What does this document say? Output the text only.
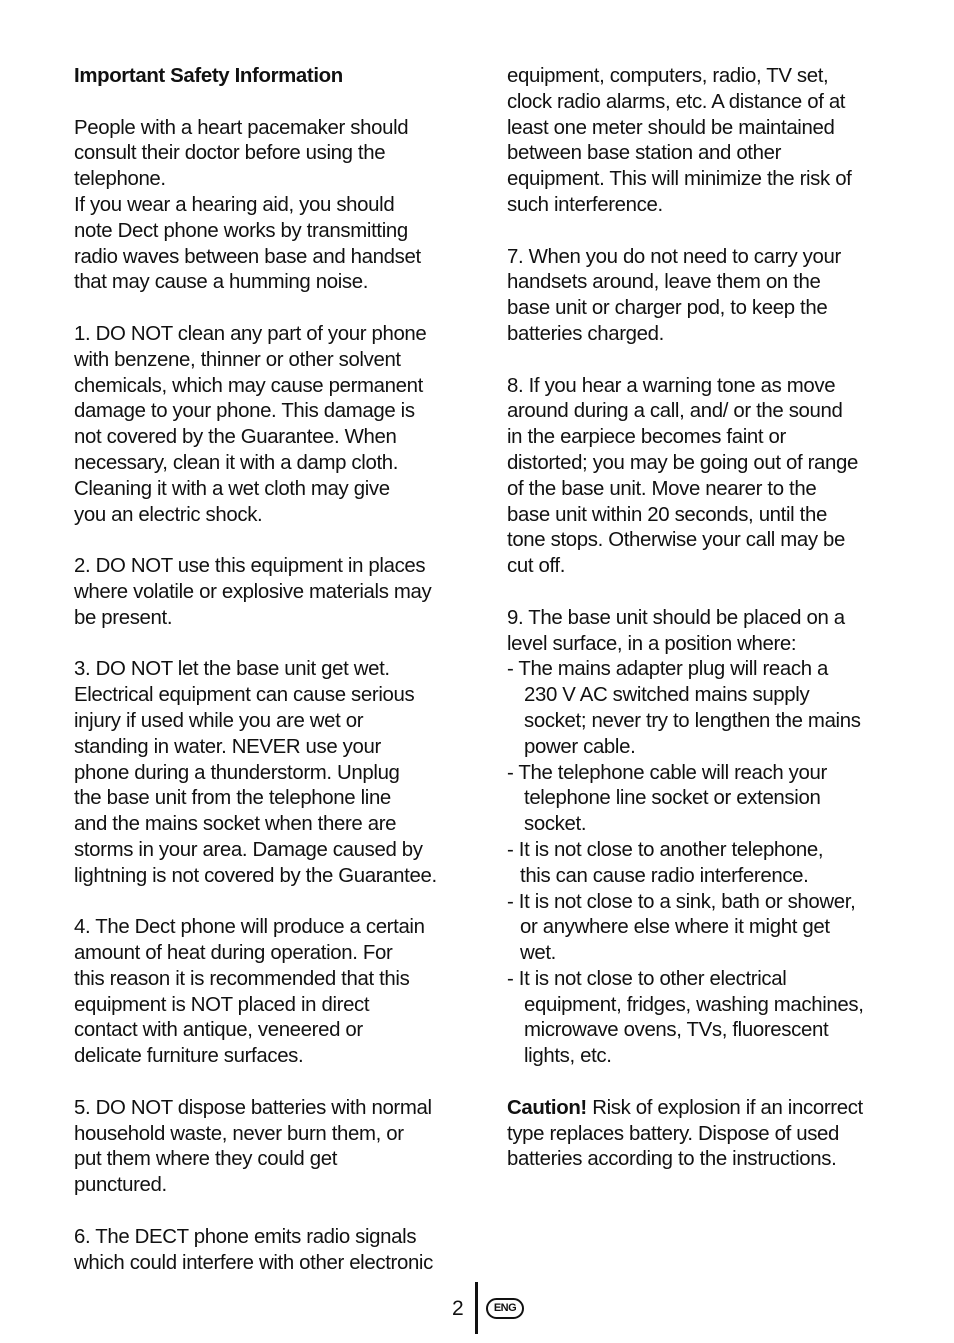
Important Safety Information
People with a heart pacemaker should
consult their doctor before using the
telephone.
If you wear a hearing aid, you should
note Dect phone works by transmitting
radio waves between base and handset
that may cause a humming noise.
1. DO NOT clean any part of your phone
with benzene, thinner or other solvent
chemicals, which may cause permanent
damage to your phone. This damage is
not covered by the Guarantee. When
necessary, clean it with a damp cloth.
Cleaning it with a wet cloth may give
you an electric shock.
2. DO NOT use this equipment in places
where volatile or explosive materials may
be present.
3. DO NOT let the base unit get wet.
Electrical equipment can cause serious
injury if used while you are wet or
standing in water. NEVER use your
phone during a thunderstorm. Unplug
the base unit from the telephone line
and the mains socket when there are
storms in your area. Damage caused by
lightning is not covered by the Guarantee.
4. The Dect phone will produce a certain
amount of heat during operation. For
this reason it is recommended that this
equipment is NOT placed in direct
contact with antique, veneered or
delicate furniture surfaces.
5. DO NOT dispose batteries with normal
household waste, never burn them, or
put them where they could get
punctured.
6. The DECT phone emits radio signals
which could interfere with other electronic
equipment, computers, radio, TV set,
clock radio alarms, etc. A distance of at
least one meter should be maintained
between base station and other
equipment. This will minimize the risk of
such interference.
7. When you do not need to carry your
handsets around, leave them on the
base unit or charger pod, to keep the
batteries charged.
8. If you hear a warning tone as move
around during a call, and/ or the sound
in the earpiece becomes faint or
distorted; you may be going out of range
of the base unit. Move nearer to the
base unit within 20 seconds, until the
tone stops. Otherwise your call may be
cut off.
9. The base unit should be placed on a
level surface, in a position where:
- The mains adapter plug will reach a
230 V AC switched mains supply
socket; never try to lengthen the mains
power cable.
- The telephone cable will reach your
telephone line socket or extension
socket.
- It is not close to another telephone,
this can cause radio interference.
- It is not close to a sink, bath or shower,
or anywhere else where it might get
wet.
- It is not close to other electrical
equipment, fridges, washing machines,
microwave ovens, TVs, fluorescent
lights, etc.
Caution! Risk of explosion if an incorrect
type replaces battery. Dispose of used
batteries according to the instructions.
2	ENG
